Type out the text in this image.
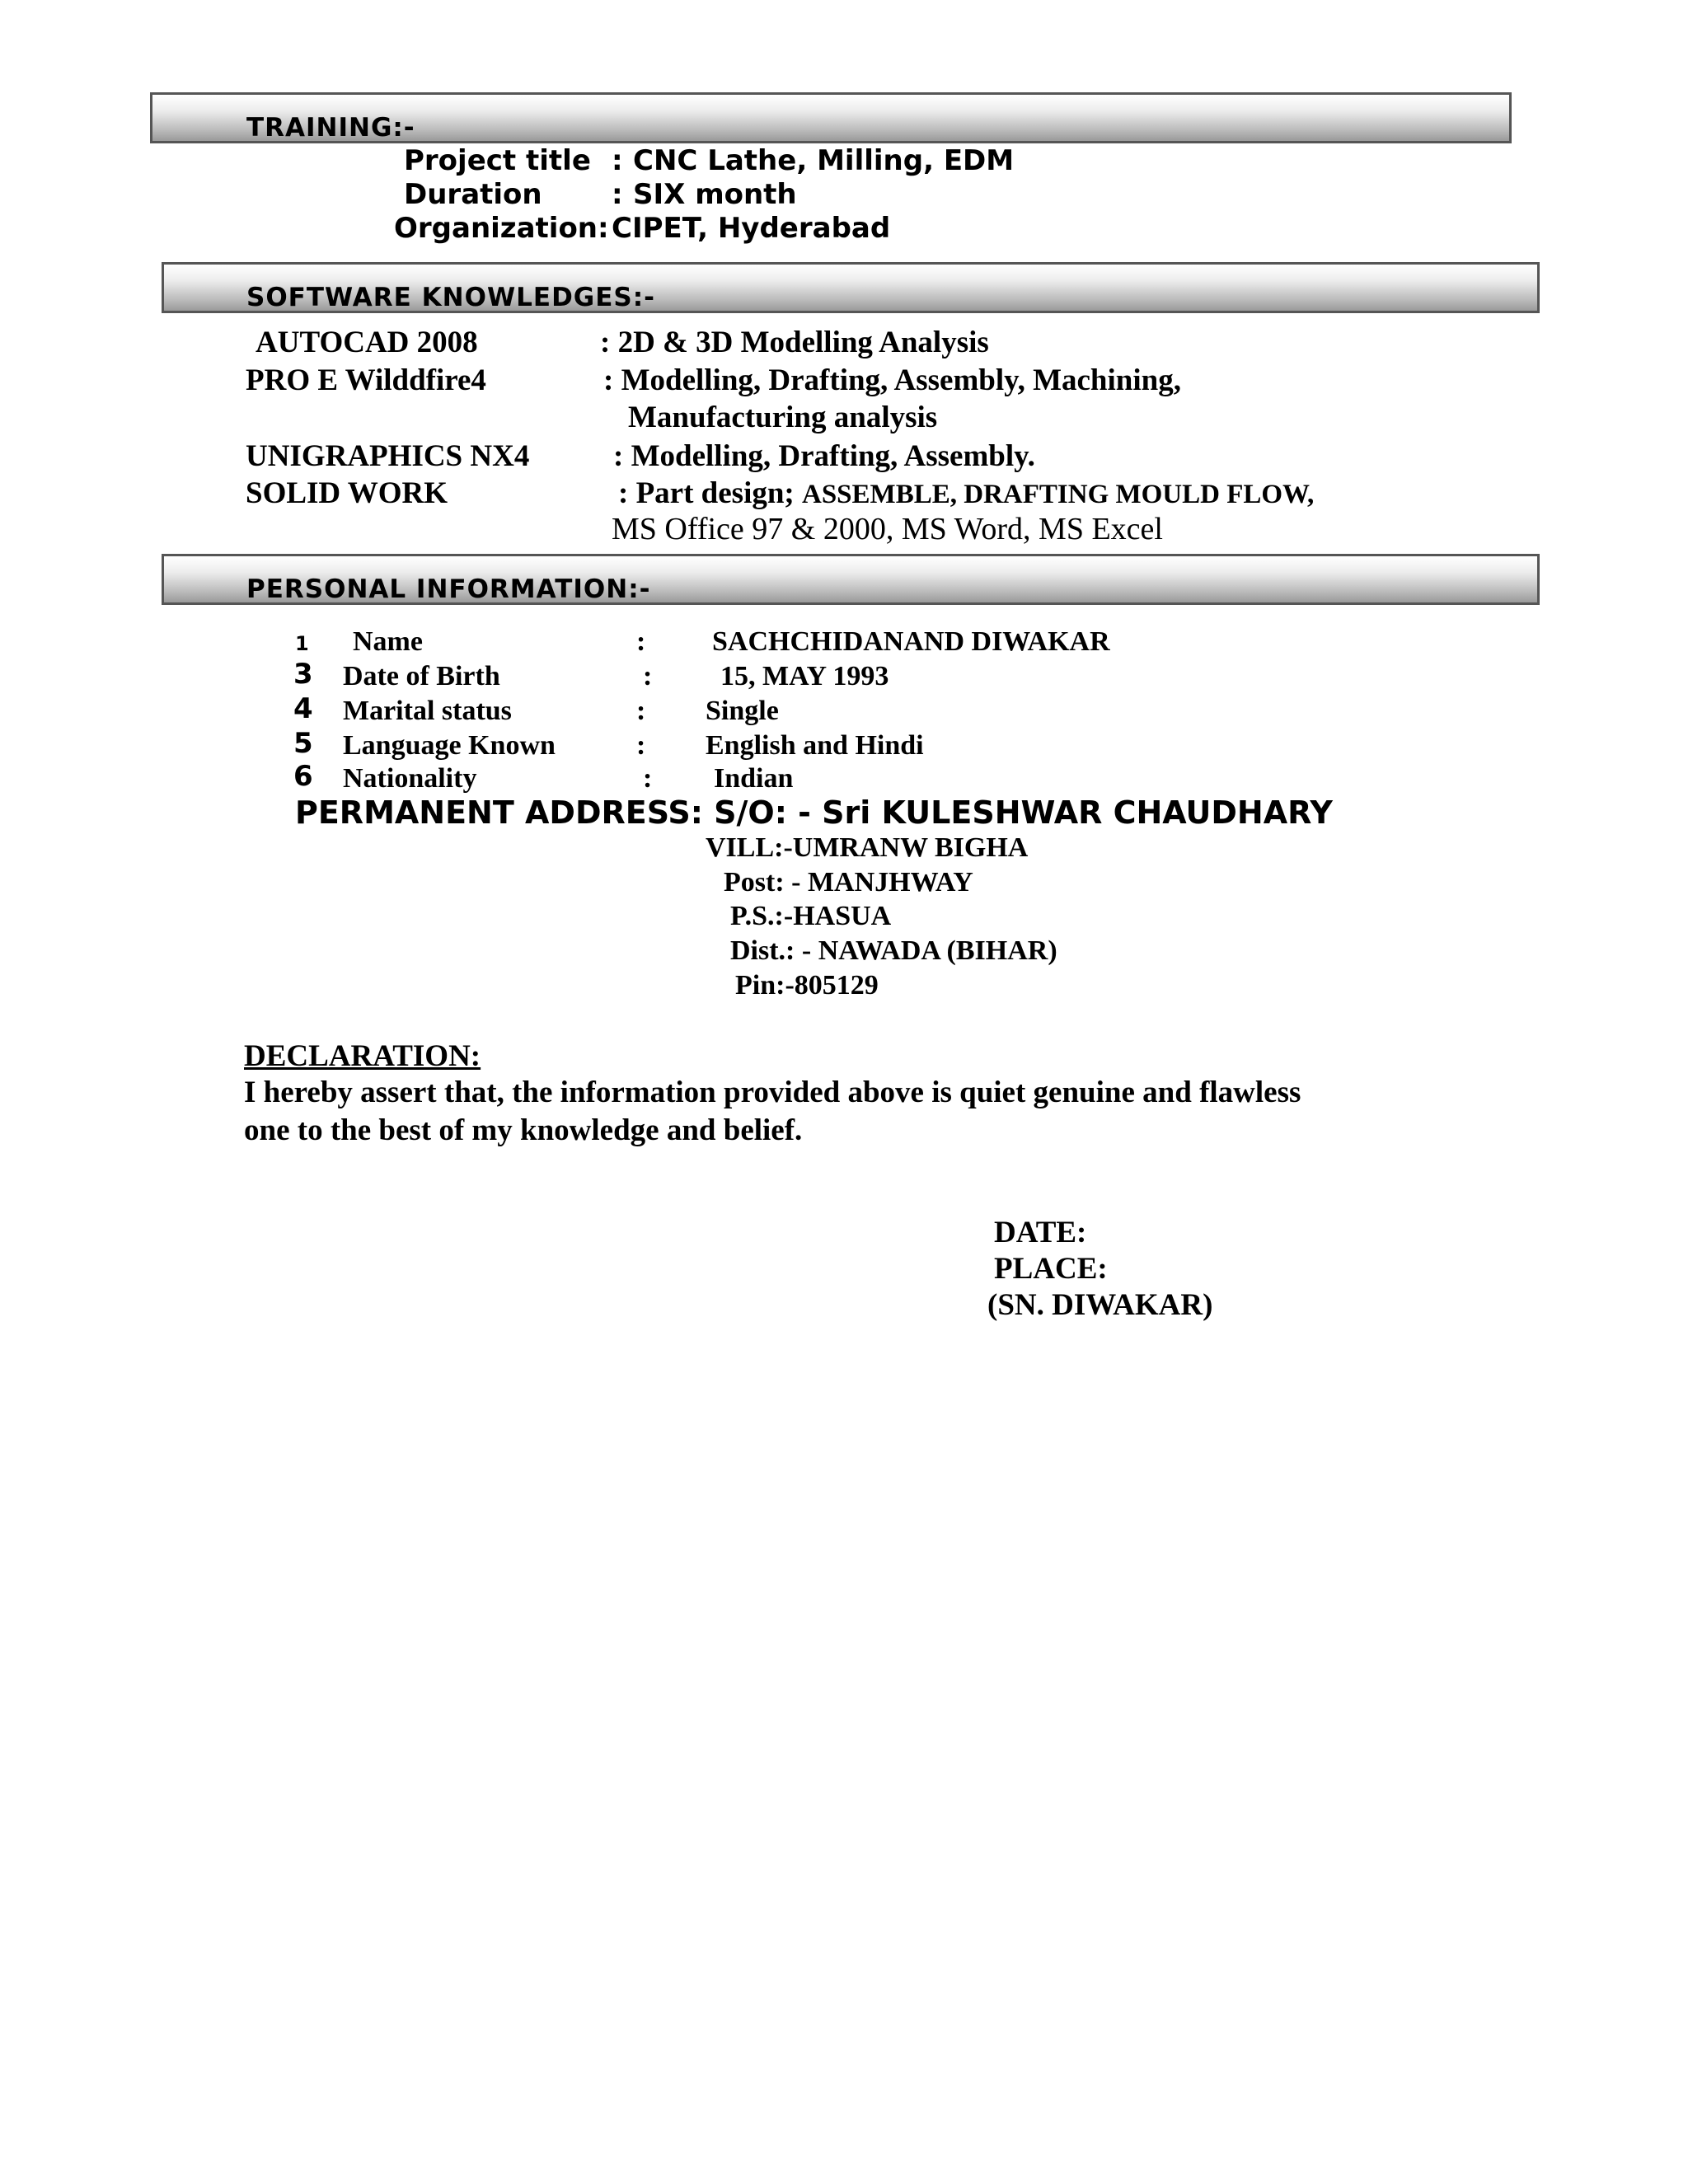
TRAINING:-
Project title : CNC Lathe, Milling, EDM
Duration : SIX month
Organization: CIPET, Hyderabad
SOFTWARE KNOWLEDGES:-
AUTOCAD 2008	: 2D & 3D Modelling Analysis
PRO E Wilddfire4	: Modelling, Drafting, Assembly, Machining,
Manufacturing analysis
UNIGRAPHICS NX4	: Modelling, Drafting, Assembly.
SOLID WORK	: Part design; ASSEMBLE, DRAFTING MOULD FLOW,
MS Office 97 & 2000, MS Word, MS Excel
PERSONAL INFORMATION:-
1 Name	: SACHCHIDANAND DIWAKAR
3 Date of Birth	: 15, MAY 1993
4 Marital status	: Single
5 Language Known	: English and Hindi
6 Nationality	: Indian
PERMANENT ADDRESS: S/O: - Sri KULESHWAR CHAUDHARY
VILL:-UMRANW BIGHA
Post: - MANJHWAY
P.S.:-HASUA
Dist.: - NAWADA (BIHAR)
Pin:-805129
DECLARATION:
I hereby assert that, the information provided above is quiet genuine and flawless
one to the best of my knowledge and belief.
DATE:
PLACE:
(SN. DIWAKAR)
